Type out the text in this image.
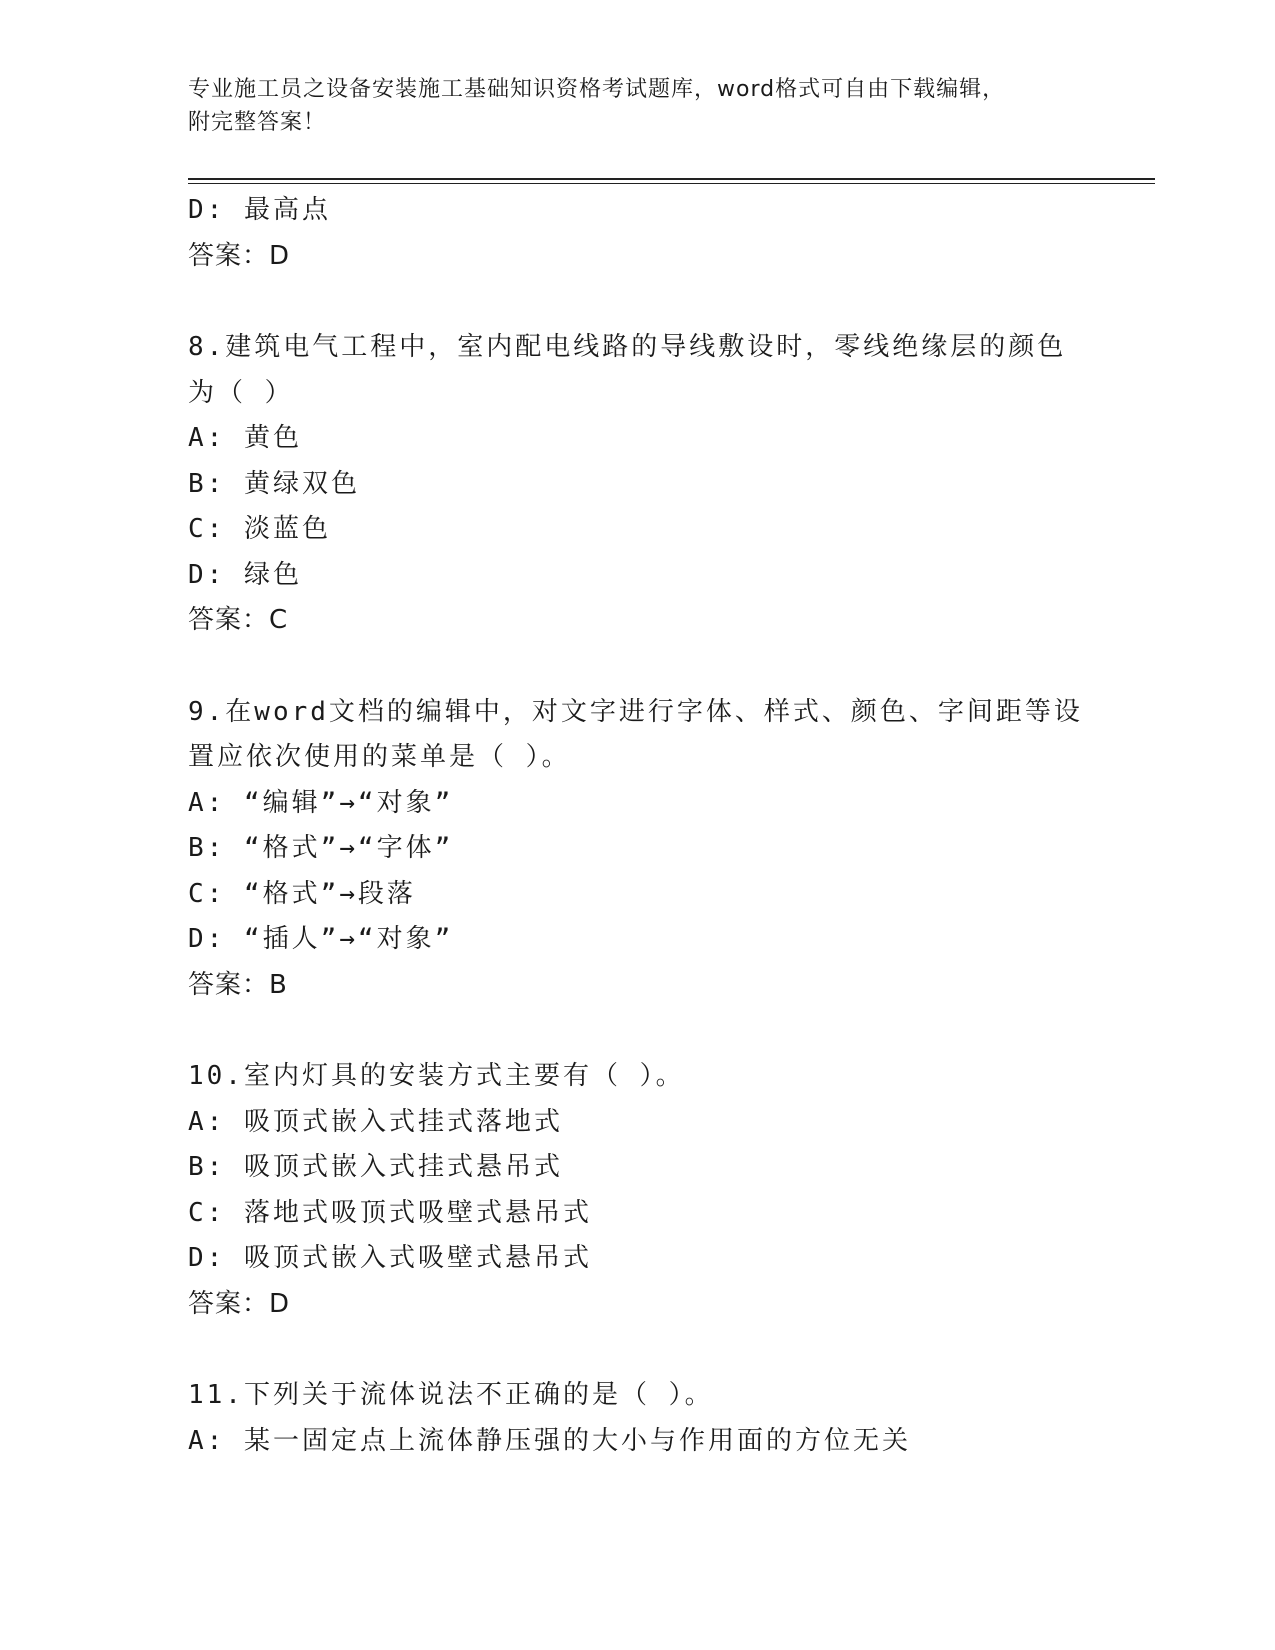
专业施工员之设备安装施工基础知识资格考试题库，word格式可自由下载编辑，
附完整答案！
D: 最高点
答案：D
8.建筑电气工程中，室内配电线路的导线敷设时，零线绝缘层的颜色
为（ ）
A: 黄色
B: 黄绿双色
C: 淡蓝色
D: 绿色
答案：C
9.在word文档的编辑中，对文字进行字体、样式、颜色、字间距等设
置应依次使用的菜单是（ ）。
A: “编辑”→“对象”
B: “格式”→“字体”
C: “格式”→段落
D: “插人”→“对象”
答案：B
10.室内灯具的安装方式主要有（ ）。
A: 吸顶式嵌入式挂式落地式
B: 吸顶式嵌入式挂式悬吊式
C: 落地式吸顶式吸壁式悬吊式
D: 吸顶式嵌入式吸壁式悬吊式
答案：D
11.下列关于流体说法不正确的是（ ）。
A: 某一固定点上流体静压强的大小与作用面的方位无关
